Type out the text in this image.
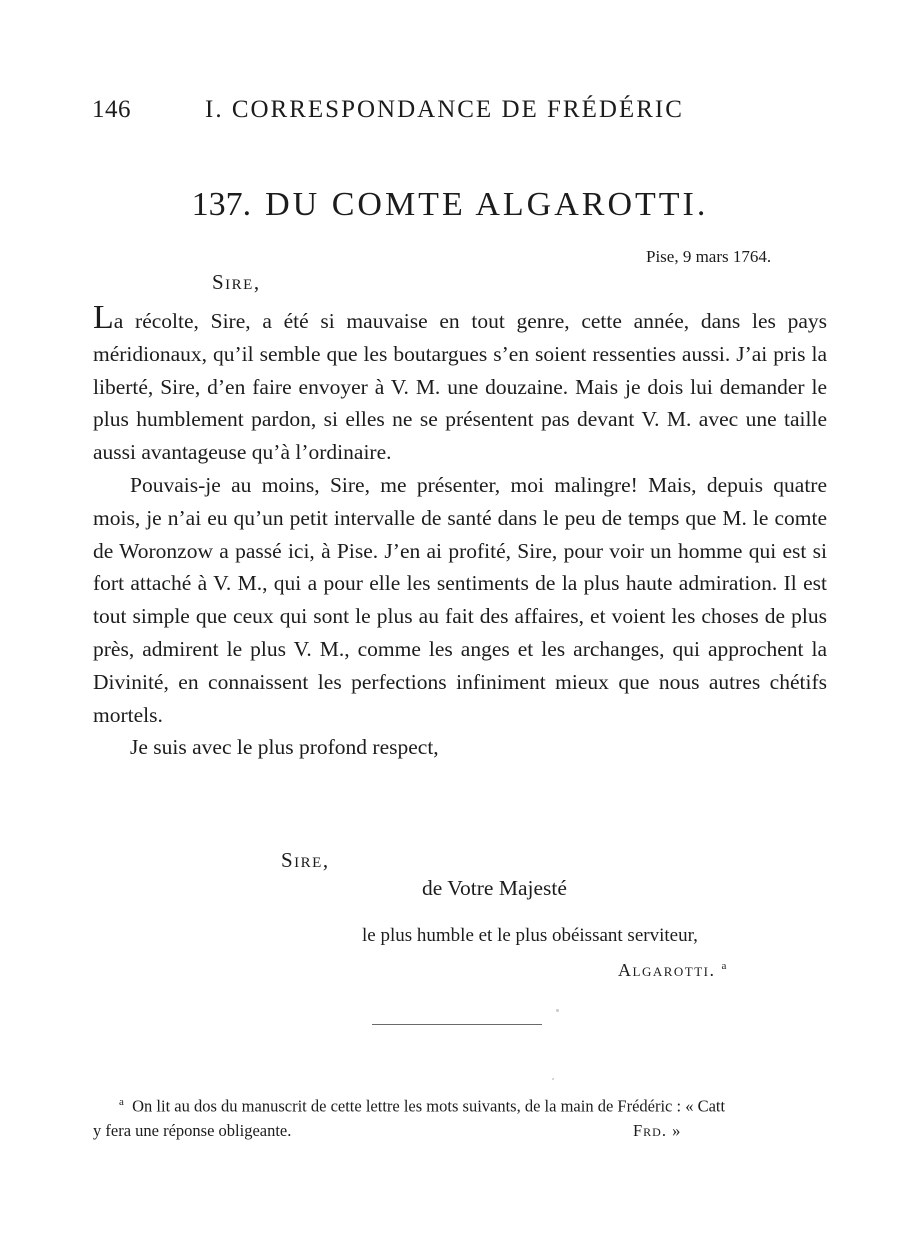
146	I. CORRESPONDANCE DE FRÉDÉRIC
137. DU COMTE ALGAROTTI.
Pise, 9 mars 1764.
Sire,

La récolte, Sire, a été si mauvaise en tout genre, cette année, dans les pays méridionaux, qu’il semble que les boutargues s’en soient ressenties aussi. J’ai pris la liberté, Sire, d’en faire envoyer à V. M. une douzaine. Mais je dois lui demander le plus humblement pardon, si elles ne se présentent pas devant V. M. avec une taille aussi avantageuse qu’à l’ordinaire.

Pouvais-je au moins, Sire, me présenter, moi malingre! Mais, depuis quatre mois, je n’ai eu qu’un petit intervalle de santé dans le peu de temps que M. le comte de Woronzow a passé ici, à Pise. J’en ai profité, Sire, pour voir un homme qui est si fort attaché à V. M., qui a pour elle les sentiments de la plus haute admiration. Il est tout simple que ceux qui sont le plus au fait des affaires, et voient les choses de plus près, admirent le plus V. M., comme les anges et les archanges, qui approchent la Divinité, en connaissent les perfections infiniment mieux que nous autres chétifs mortels.

Je suis avec le plus profond respect,

Sire,
de Votre Majesté
le plus humble et le plus obéissant serviteur,
Algarotti. $^a$
$^a$ On lit au dos du manuscrit de cette lettre les mots suivants, de la main de Frédéric : « Catt
y fera une réponse obligeante.	Frd. »
